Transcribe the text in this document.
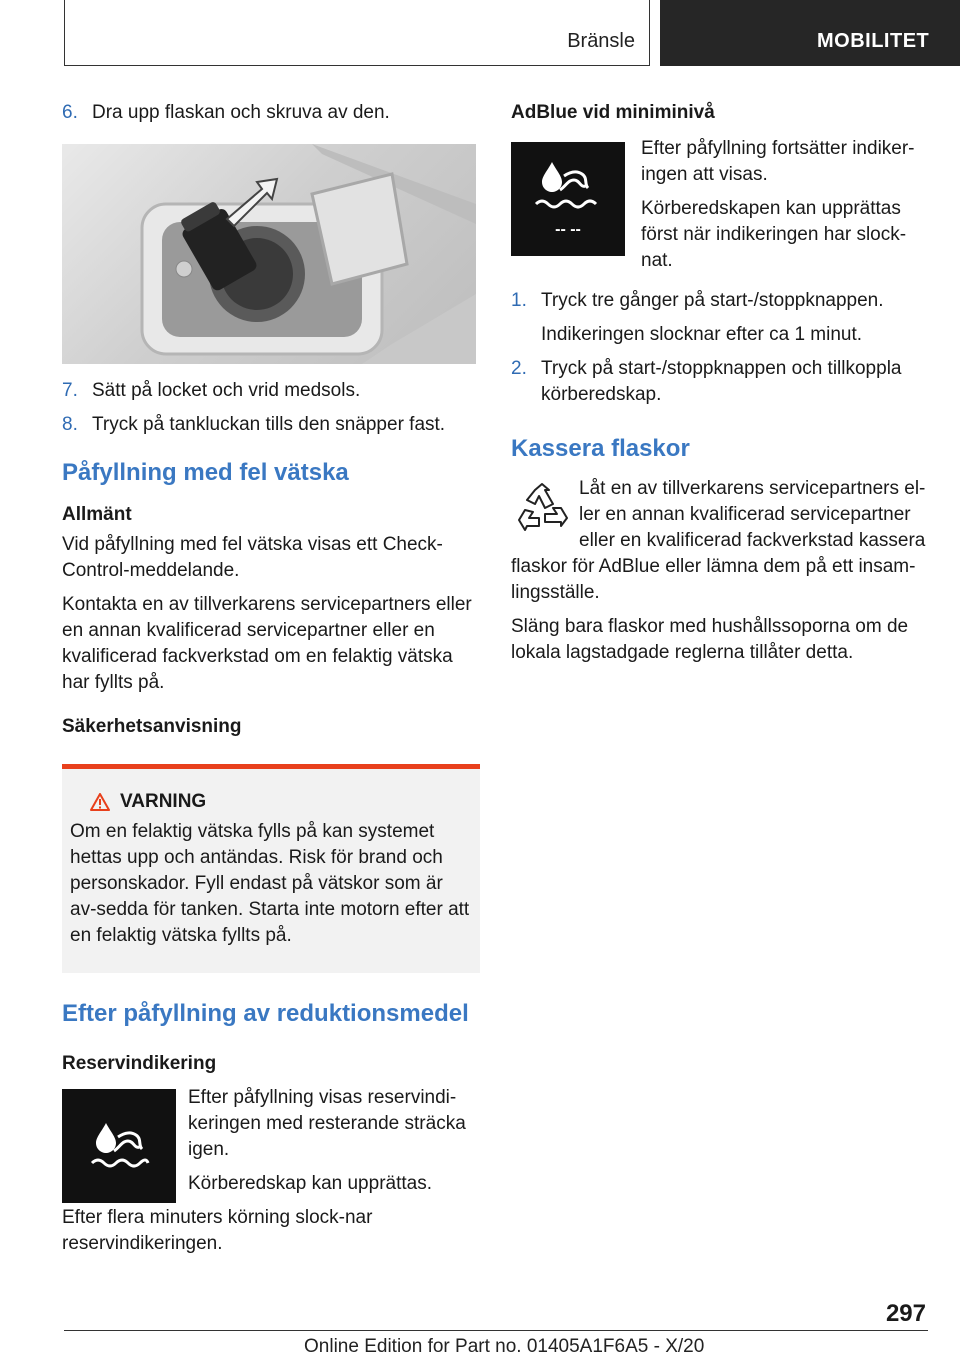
Bränsle	MOBILITET
6. Dra upp flaskan och skruva av den.
7. Sätt på locket och vrid medsols.
8. Tryck på tankluckan tills den snäpper fast.
Påfyllning med fel vätska
Allmänt

Vid påfyllning med fel vätska visas ett Check-Control-meddelande.

Kontakta en av tillverkarens servicepartners eller en annan kvalificerad servicepartner eller en kvalificerad fackverkstad om en felaktig vätska har fyllts på.

Säkerhetsanvisning
VARNING

Om en felaktig vätska fylls på kan systemet hettas upp och antändas. Risk för brand och personskador. Fyll endast på vätskor som är av-sedda för tanken. Starta inte motorn efter att en felaktig vätska fyllts på.

Efter påfyllning av reduktionsmedel
Reservindikering

Efter påfyllning visas reservindi-keringen med resterande sträcka igen.

Körberedskap kan upprättas.

Efter flera minuters körning slock-nar reservindikeringen.

AdBlue vid miniminivå
-- --

Efter påfyllning fortsätter indiker-ingen att visas.

Körberedskapen kan upprättas först när indikeringen har slock-nat.

1. Tryck tre gånger på start-/stoppknappen.

Indikeringen slocknar efter ca 1 minut.

2. Tryck på start-/stoppknappen och tillkoppla körberedskap.
Kassera flaskor

Låt en av tillverkarens servicepartners el-ler en annan kvalificerad servicepartner eller en kvalificerad fackverkstad kassera flaskor för AdBlue eller lämna dem på ett insam-lingsställe.

Släng bara flaskor med hushållssoporna om de lokala lagstadgade reglerna tillåter detta.

297
Online Edition for Part no. 01405A1F6A5 - X/20
